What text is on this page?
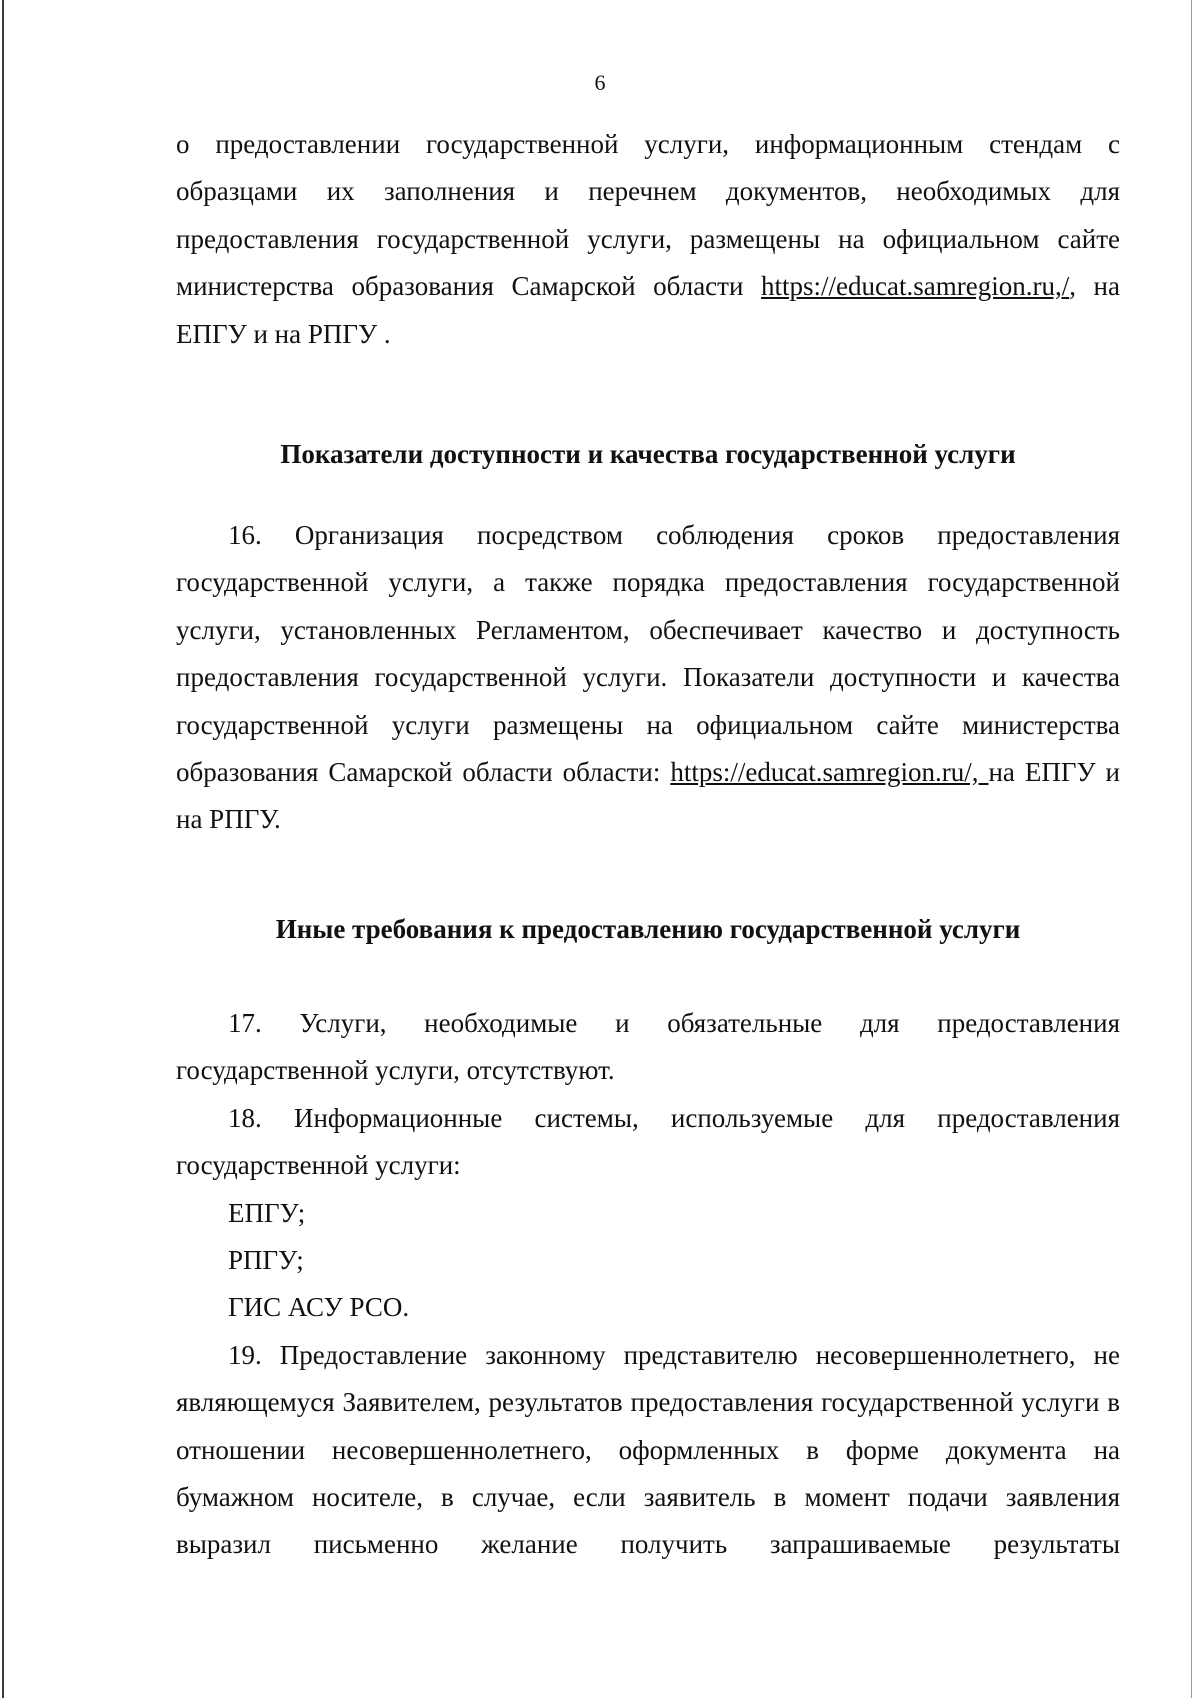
6

о предоставлении государственной услуги, информационным стендам с образцами их заполнения и перечнем документов, необходимых для предоставления государственной услуги, размещены на официальном сайте министерства образования Самарской области https://educat.samregion.ru,/, на ЕПГУ и на РПГУ .

Показатели доступности и качества государственной услуги

16. Организация посредством соблюдения сроков предоставления государственной услуги, а также порядка предоставления государственной услуги, установленных Регламентом, обеспечивает качество и доступность предоставления государственной услуги. Показатели доступности и качества государственной услуги размещены на официальном сайте министерства образования Самарской области области: https://educat.samregion.ru/, на ЕПГУ и на РПГУ.

Иные требования к предоставлению государственной услуги

17. Услуги, необходимые и обязательные для предоставления государственной услуги, отсутствуют.

18. Информационные системы, используемые для предоставления государственной услуги:

ЕПГУ;

РПГУ;

ГИС АСУ РСО.

19. Предоставление законному представителю несовершеннолетнего, не являющемуся Заявителем, результатов предоставления государственной услуги в отношении несовершеннолетнего, оформленных в форме документа на бумажном носителе, в случае, если заявитель в момент подачи заявления выразил письменно желание получить запрашиваемые результаты
